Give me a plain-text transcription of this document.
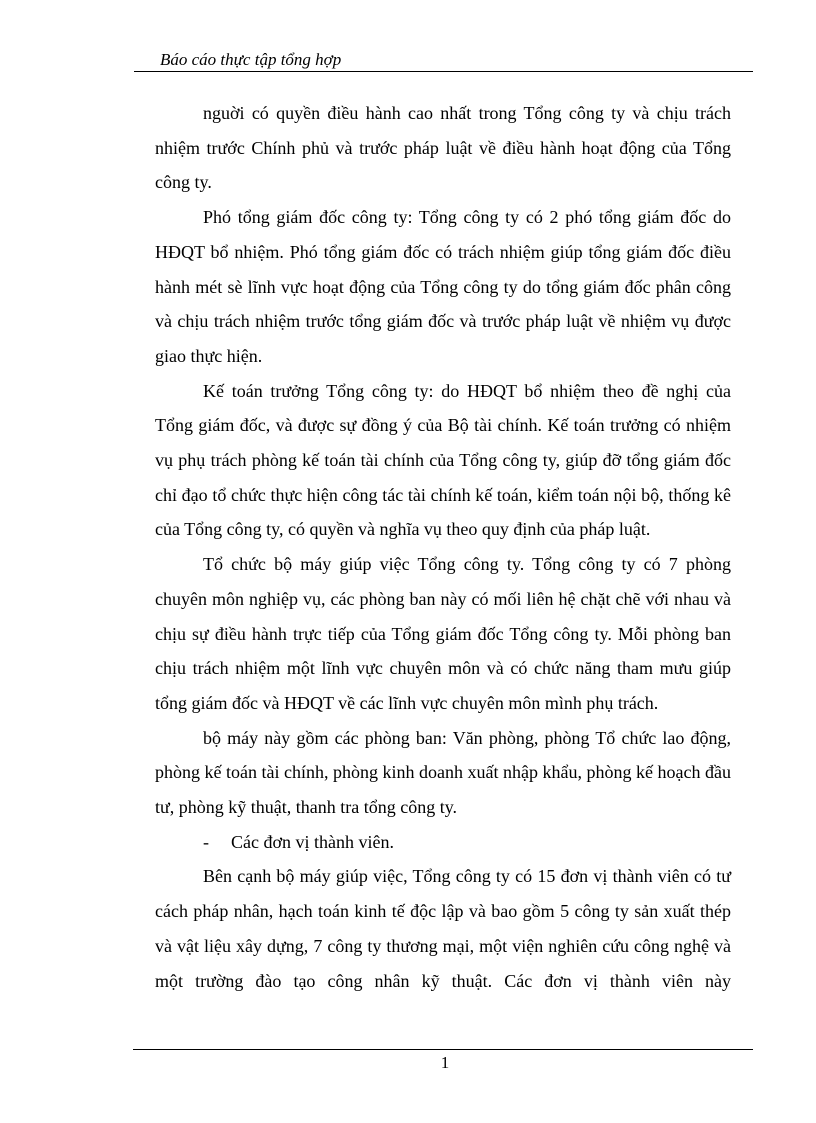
Báo cáo thực tập tổng hợp

nguời có quyền điều hành cao nhất trong Tổng công ty và chịu trách nhiệm trước Chính phủ và trước pháp luật về điều hành hoạt động của Tổng công ty.

Phó tổng giám đốc công ty: Tổng công ty có 2 phó tổng giám đốc do HĐQT bổ nhiệm. Phó tổng giám đốc có trách nhiệm giúp tổng giám đốc điều hành mét sè lĩnh vực hoạt động của Tổng công ty do tổng giám đốc phân công và chịu trách nhiệm trước tổng giám đốc và trước pháp luật về nhiệm vụ được giao thực hiện.

Kế toán trưởng Tổng công ty: do HĐQT bổ nhiệm theo đề nghị của Tổng giám đốc, và được sự đồng ý của Bộ tài chính. Kế toán trưởng có nhiệm vụ phụ trách phòng kế toán tài chính của Tổng công ty, giúp đỡ tổng giám đốc chỉ đạo tổ chức thực hiện công tác tài chính kế toán, kiểm toán nội bộ, thống kê của Tổng công ty, có quyền và nghĩa vụ theo quy định của pháp luật.

Tổ chức bộ máy giúp việc Tổng công ty. Tổng công ty có 7 phòng chuyên môn nghiệp vụ, các phòng ban này có mối liên hệ chặt chẽ với nhau và chịu sự điều hành trực tiếp của Tổng giám đốc Tổng công ty. Mỗi phòng ban chịu trách nhiệm một lĩnh vực chuyên môn và có chức năng tham mưu giúp tổng giám đốc và HĐQT về các lĩnh vực chuyên môn mình phụ trách.

bộ máy này gồm các phòng ban: Văn phòng, phòng Tổ chức lao động, phòng kế toán tài chính, phòng kinh doanh xuất nhập khẩu, phòng kế hoạch đầu tư, phòng kỹ thuật, thanh tra tổng công ty.

- Các đơn vị thành viên.

Bên cạnh bộ máy giúp việc, Tổng công ty có 15 đơn vị thành viên có tư cách pháp nhân, hạch toán kinh tế độc lập và bao gồm 5 công ty sản xuất thép và vật liệu xây dựng, 7 công ty thương mại, một viện nghiên cứu công nghệ và một trường đào tạo công nhân kỹ thuật. Các đơn vị thành viên này

1
